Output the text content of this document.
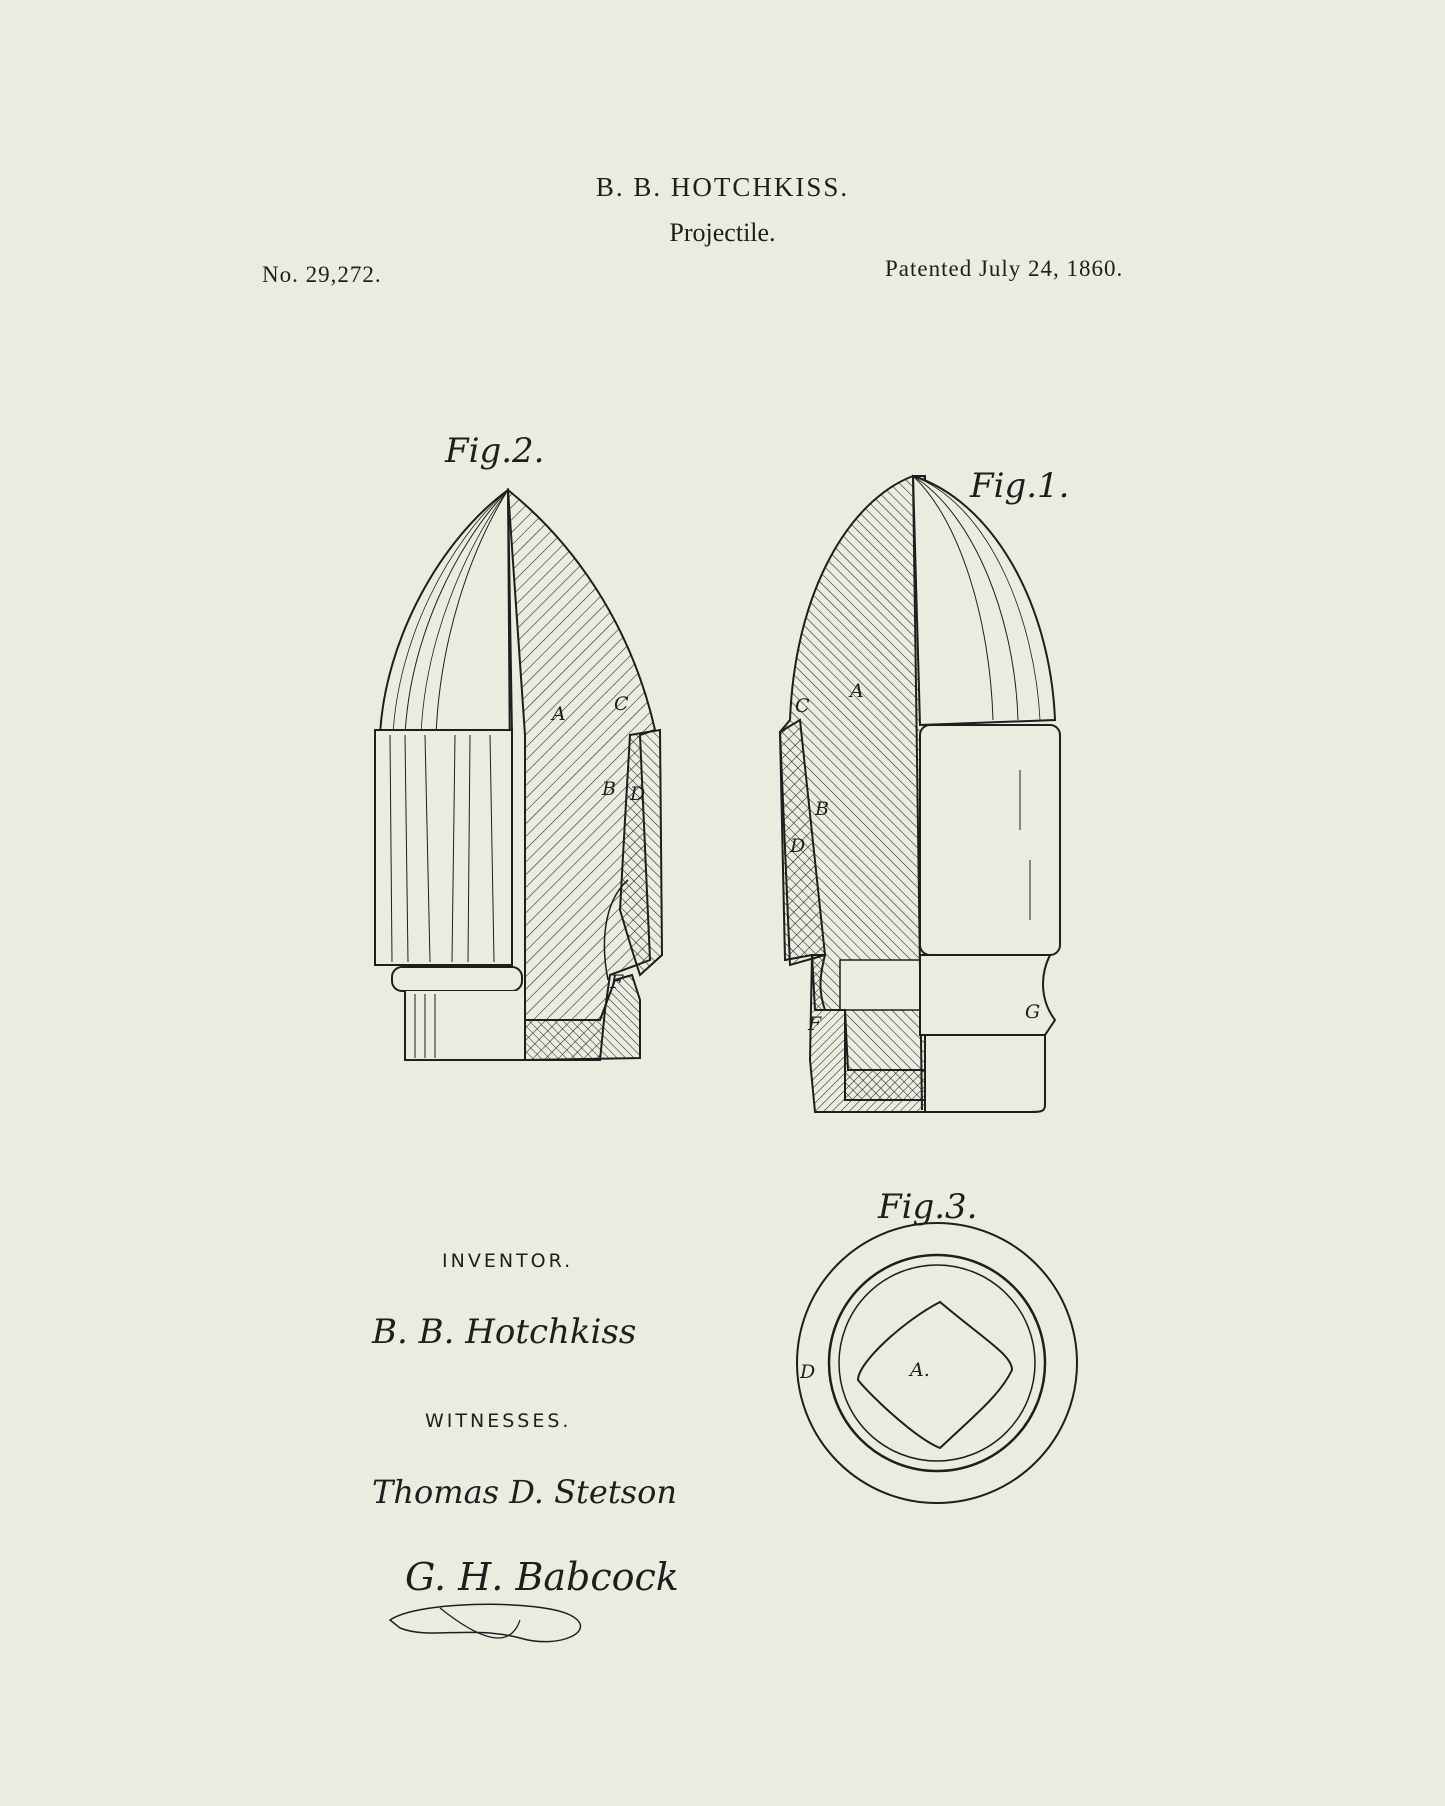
B. B. HOTCHKISS.
Projectile.
No. 29,272.	Patented July 24, 1860.
Fig.2.
A	C
B D
F
Fig.1.
C
A
B
D
F
G
Fig.3.
D	A.
INVENTOR.
B. B. Hotchkiss
WITNESSES.
Thomas D. Stetson
G. H. Babcock
